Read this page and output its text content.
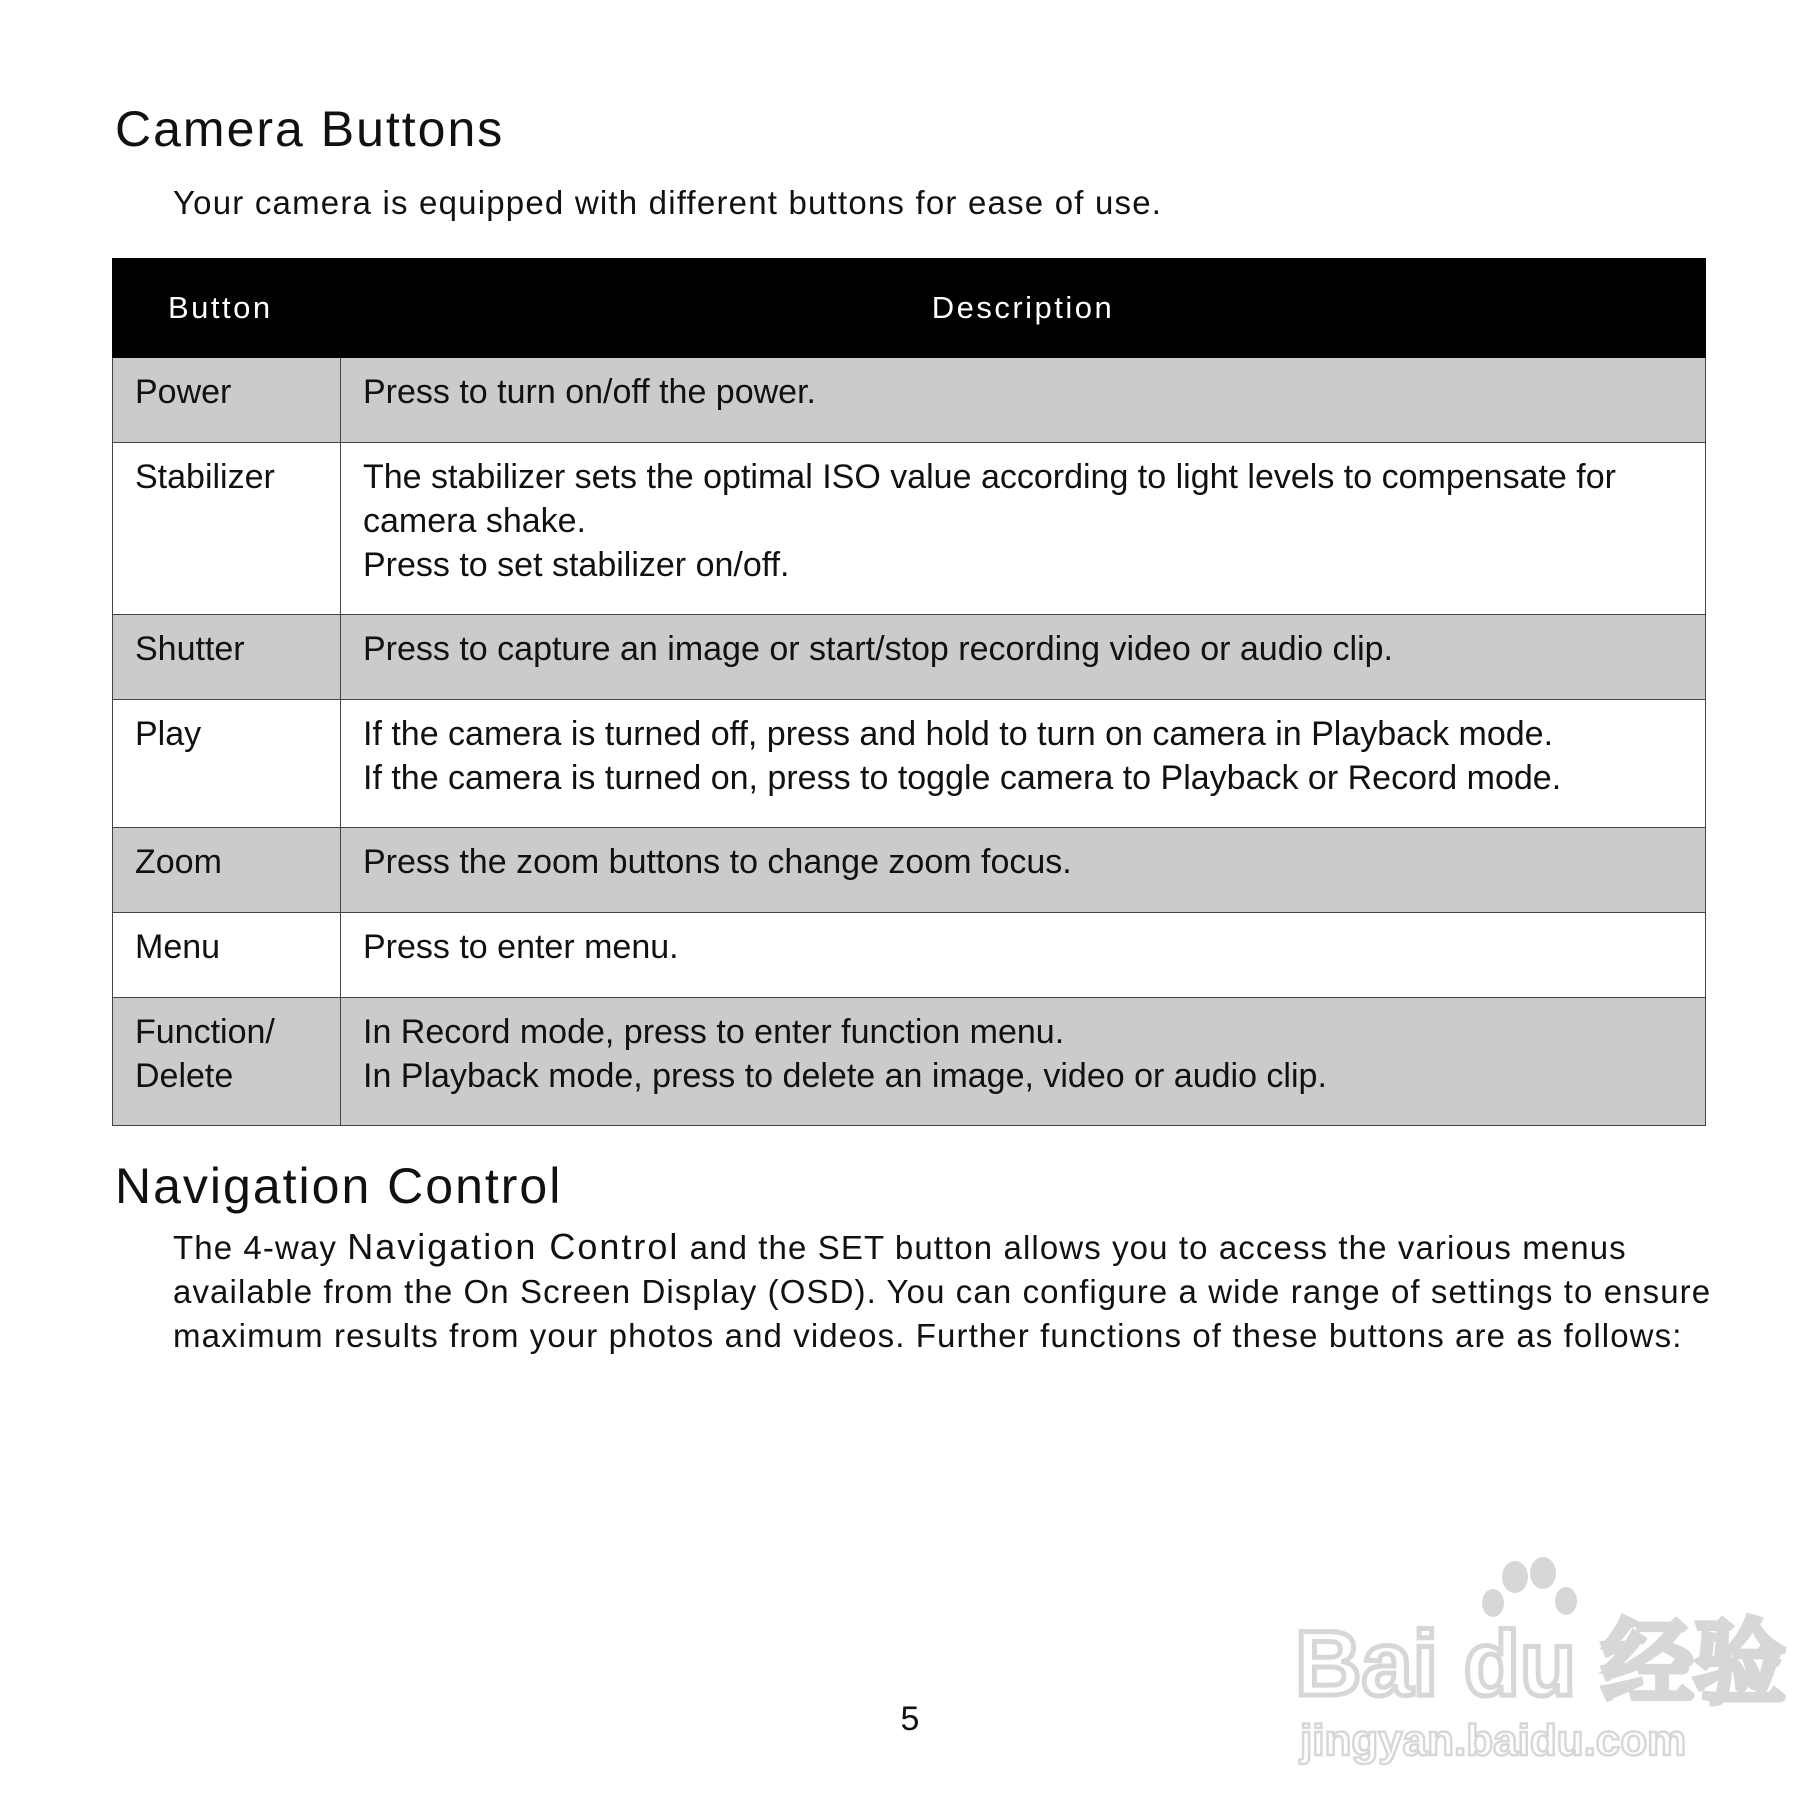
Camera Buttons

Your camera is equipped with different buttons for ease of use.

Button	Description
Power	Press to turn on/off the power.

Stabilizer	The stabilizer sets the optimal ISO value according to light levels to compensate for camera shake.
Press to set stabilizer on/off.

Shutter	Press to capture an image or start/stop recording video or audio clip.

Play	If the camera is turned off, press and hold to turn on camera in Playback mode.
If the camera is turned on, press to toggle camera to Playback or Record mode.

Zoom	Press the zoom buttons to change zoom focus.

Menu	Press to enter menu.

Function/
Delete	In Record mode, press to enter function menu.
In Playback mode, press to delete an image, video or audio clip.
Navigation Control

The 4-way Navigation Control and the SET button allows you to access the various menus available from the On Screen Display (OSD). You can configure a wide range of settings to ensure maximum results from your photos and videos. Further functions of these buttons are as follows:

5
Bai du 经验
jingyan.baidu.com
